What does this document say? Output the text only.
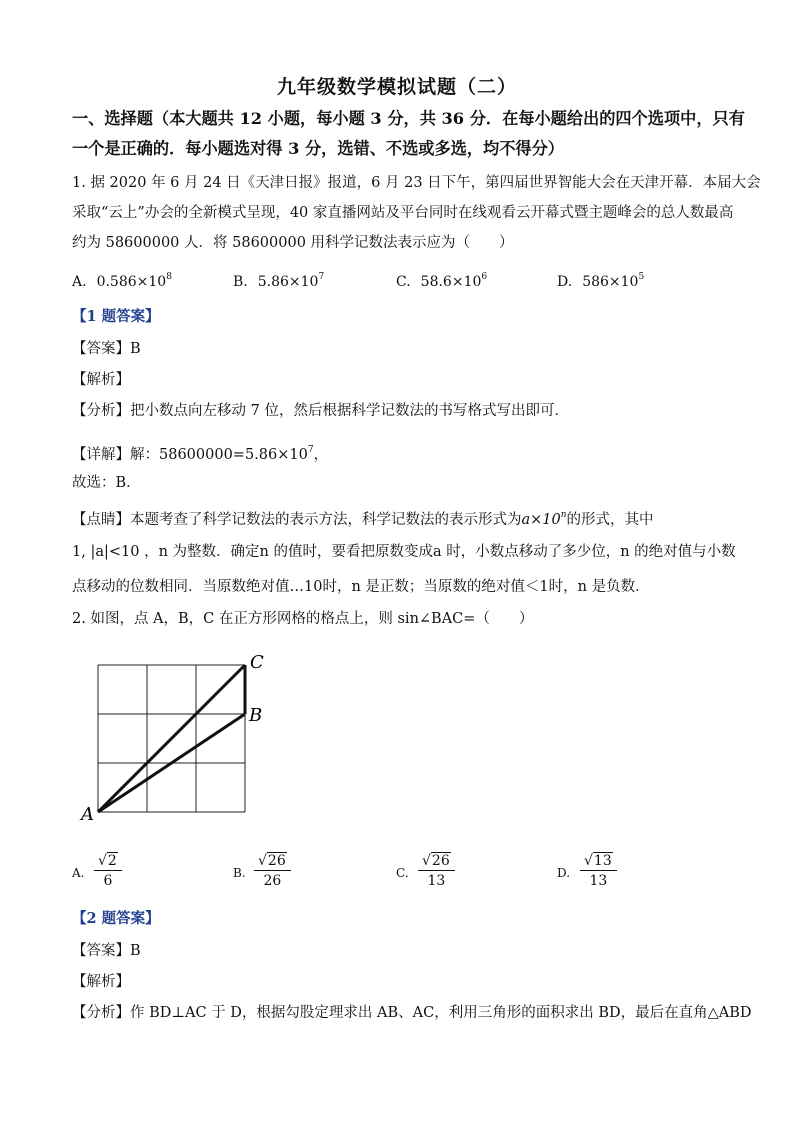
九年级数学模拟试题（二）
一、选择题（本大题共 12 小题，每小题 3 分，共 36 分．在每小题给出的四个选项中，只有
一个是正确的．每小题选对得 3 分，选错、不选或多选，均不得分）
1. 据 2020 年 6 月 24 日《天津日报》报道，6 月 23 日下午，第四届世界智能大会在天津开幕．本届大会
采取“云上”办会的全新模式呈现，40 家直播网站及平台同时在线观看云开幕式暨主题峰会的总人数最高
约为 58600000 人．将 58600000 用科学记数法表示应为（　　）
A. $0.586\times 10^8$	B. $5.86\times 10^7$	C. $58.6\times 10^6$	D. $586\times 10^5$
【1 题答案】
【答案】B
【解析】
【分析】把小数点向左移动 7 位，然后根据科学记数法的书写格式写出即可．
【详解】解：$58600000=5.86\times 10^7$，
故选：B．
【点睛】本题考查了科学记数法的表示方法，科学记数法的表示形式为$a\times 10^n$的形式，其中
1, |a|<10 ，n 为整数．确定n 的值时，要看把原数变成a 时，小数点移动了多少位，n 的绝对值与小数
点移动的位数相同．当原数绝对值…10时，n 是正数；当原数的绝对值＜1时，n 是负数．
2. 如图，点 A，B，C 在正方形网格的格点上，则 sin∠BAC=（　　）
C
B
A
A. $\frac{√2}{6}$	B. $\frac{√26}{26}$	C. $\frac{√26}{13}$	D. $\frac{√13}{13}$
【2 题答案】
【答案】B
【解析】
【分析】作 BD⊥AC 于 D，根据勾股定理求出 AB、AC，利用三角形的面积求出 BD，最后在直角△ABD
